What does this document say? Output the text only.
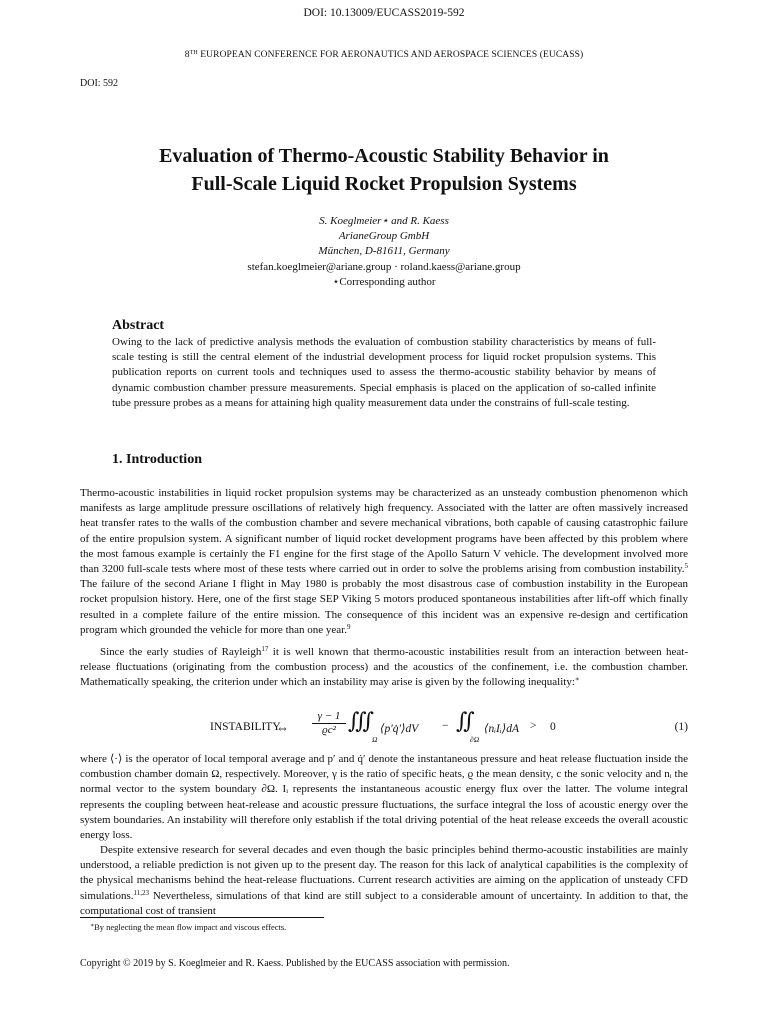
DOI: 10.13009/EUCASS2019-592
8TH EUROPEAN CONFERENCE FOR AERONAUTICS AND AEROSPACE SCIENCES (EUCASS)
DOI: 592
Evaluation of Thermo-Acoustic Stability Behavior in
Full-Scale Liquid Rocket Propulsion Systems
S. Koeglmeier⋆ and R. Kaess
ArianeGroup GmbH
München, D-81611, Germany
stefan.koeglmeier@ariane.group · roland.kaess@ariane.group
⋆Corresponding author
Abstract
Owing to the lack of predictive analysis methods the evaluation of combustion stability characteristics by means of full-scale testing is still the central element of the industrial development process for liquid rocket propulsion systems. This publication reports on current tools and techniques used to assess the thermo-acoustic stability behavior by means of dynamic combustion chamber pressure measurements. Special emphasis is placed on the application of so-called infinite tube pressure probes as a means for attaining high quality measurement data under the constrains of full-scale testing.
1. Introduction
Thermo-acoustic instabilities in liquid rocket propulsion systems may be characterized as an unsteady combustion phenomenon which manifests as large amplitude pressure oscillations of relatively high frequency. Associated with the latter are often massively increased heat transfer rates to the walls of the combustion chamber and severe mechanical vibrations, both capable of causing catastrophic failure of the entire propulsion system. A significant number of liquid rocket development programs have been affected by this problem where the most famous example is certainly the F1 engine for the first stage of the Apollo Saturn V vehicle. The development involved more than 3200 full-scale tests where most of these tests where carried out in order to solve the problems arising from combustion instability.$^5$ The failure of the second Ariane I flight in May 1980 is probably the most disastrous case of combustion instability in the European rocket propulsion history. Here, one of the first stage SEP Viking 5 motors produced spontaneous instabilities after lift-off which finally resulted in a complete failure of the entire mission. The consequence of this incident was an expensive re-design and certification program which grounded the vehicle for more than one year.$^9$
Since the early studies of Rayleigh$^{17}$ it is well known that thermo-acoustic instabilities result from an interaction between heat-release fluctuations (originating from the combustion process) and the acoustics of the confinement, i.e. the combustion chamber. Mathematically speaking, the criterion under which an instability may arise is given by the following inequality:∗
INSTABILITY
⇔ $\frac{\gamma - 1}{\text{ϱc²}}$ ∭
Ω
⟨p′q̇′⟩dV − ∬
∂Ω
⟨nᵢIᵢ⟩dA > 0	(1)
where ⟨·⟩ is the operator of local temporal average and p′ and q̇′ denote the instantaneous pressure and heat release fluctuation inside the combustion chamber domain Ω, respectively. Moreover, γ is the ratio of specific heats, ϱ the mean density, c the sonic velocity and nᵢ the normal vector to the system boundary ∂Ω. Iᵢ represents the instantaneous acoustic energy flux over the latter. The volume integral represents the coupling between heat-release and acoustic pressure fluctuations, the surface integral the loss of acoustic energy over the system boundaries. An instability will therefore only establish if the total driving potential of the heat release exceeds the overall acoustic energy loss.
Despite extensive research for several decades and even though the basic principles behind thermo-acoustic instabilities are mainly understood, a reliable prediction is not given up to the present day. The reason for this lack of analytical capabilities is the complexity of the physical mechanisms behind the heat-release fluctuations. Current research activities are aiming on the application of unsteady CFD simulations.$^{11,23}$ Nevertheless, simulations of that kind are still subject to a considerable amount of uncertainty. In addition to that, the computational cost of transient
∗By neglecting the mean flow impact and viscous effects.
Copyright © 2019 by S. Koeglmeier and R. Kaess. Published by the EUCASS association with permission.
